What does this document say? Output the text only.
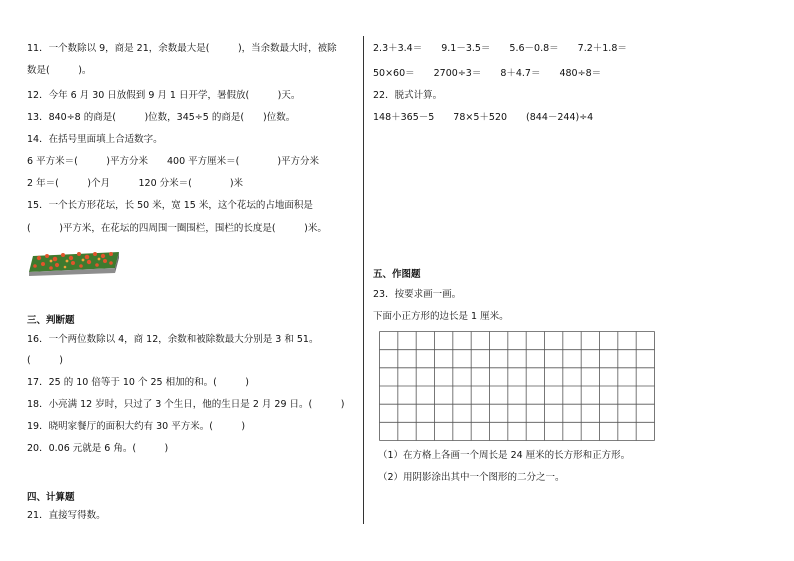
11．一个数除以 9，商是 21，余数最大是(　　　)，当余数最大时，被除
数是(　　　)。
12．今年 6 月 30 日放假到 9 月 1 日开学，暑假放(　　　)天。
13．840÷8 的商是(　　　)位数，345÷5 的商是(　　)位数。
14．在括号里面填上合适数字。
6 平方米＝(　　　)平方分米　　400 平方厘米＝(　　　　)平方分米
2 年＝(　　　)个月　　　120 分米＝(　　　　)米
15．一个长方形花坛，长 50 米，宽 15 米，这个花坛的占地面积是
(　　　)平方米，在花坛的四周围一圈围栏，围栏的长度是(　　　)米。
三、判断题
16．一个两位数除以 4，商 12，余数和被除数最大分别是 3 和 51。
(　　　)
17．25 的 10 倍等于 10 个 25 相加的和。(　　　)
18．小亮满 12 岁时，只过了 3 个生日，他的生日是 2 月 29 日。(　　　)
19．晓明家餐厅的面积大约有 30 平方米。(　　　)
20．0.06 元就是 6 角。(　　　)
四、计算题
21．直接写得数。
2.3＋3.4＝　　9.1－3.5＝　　5.6－0.8＝　　7.2＋1.8＝
50×60＝　　2700÷3＝　　8＋4.7＝　　480÷8＝
22．脱式计算。
148＋365－5　　78×5＋520　　(844－244)÷4
五、作图题
23．按要求画一画。
下面小正方形的边长是 1 厘米。
（1）在方格上各画一个周长是 24 厘米的长方形和正方形。
（2）用阴影涂出其中一个图形的二分之一。
